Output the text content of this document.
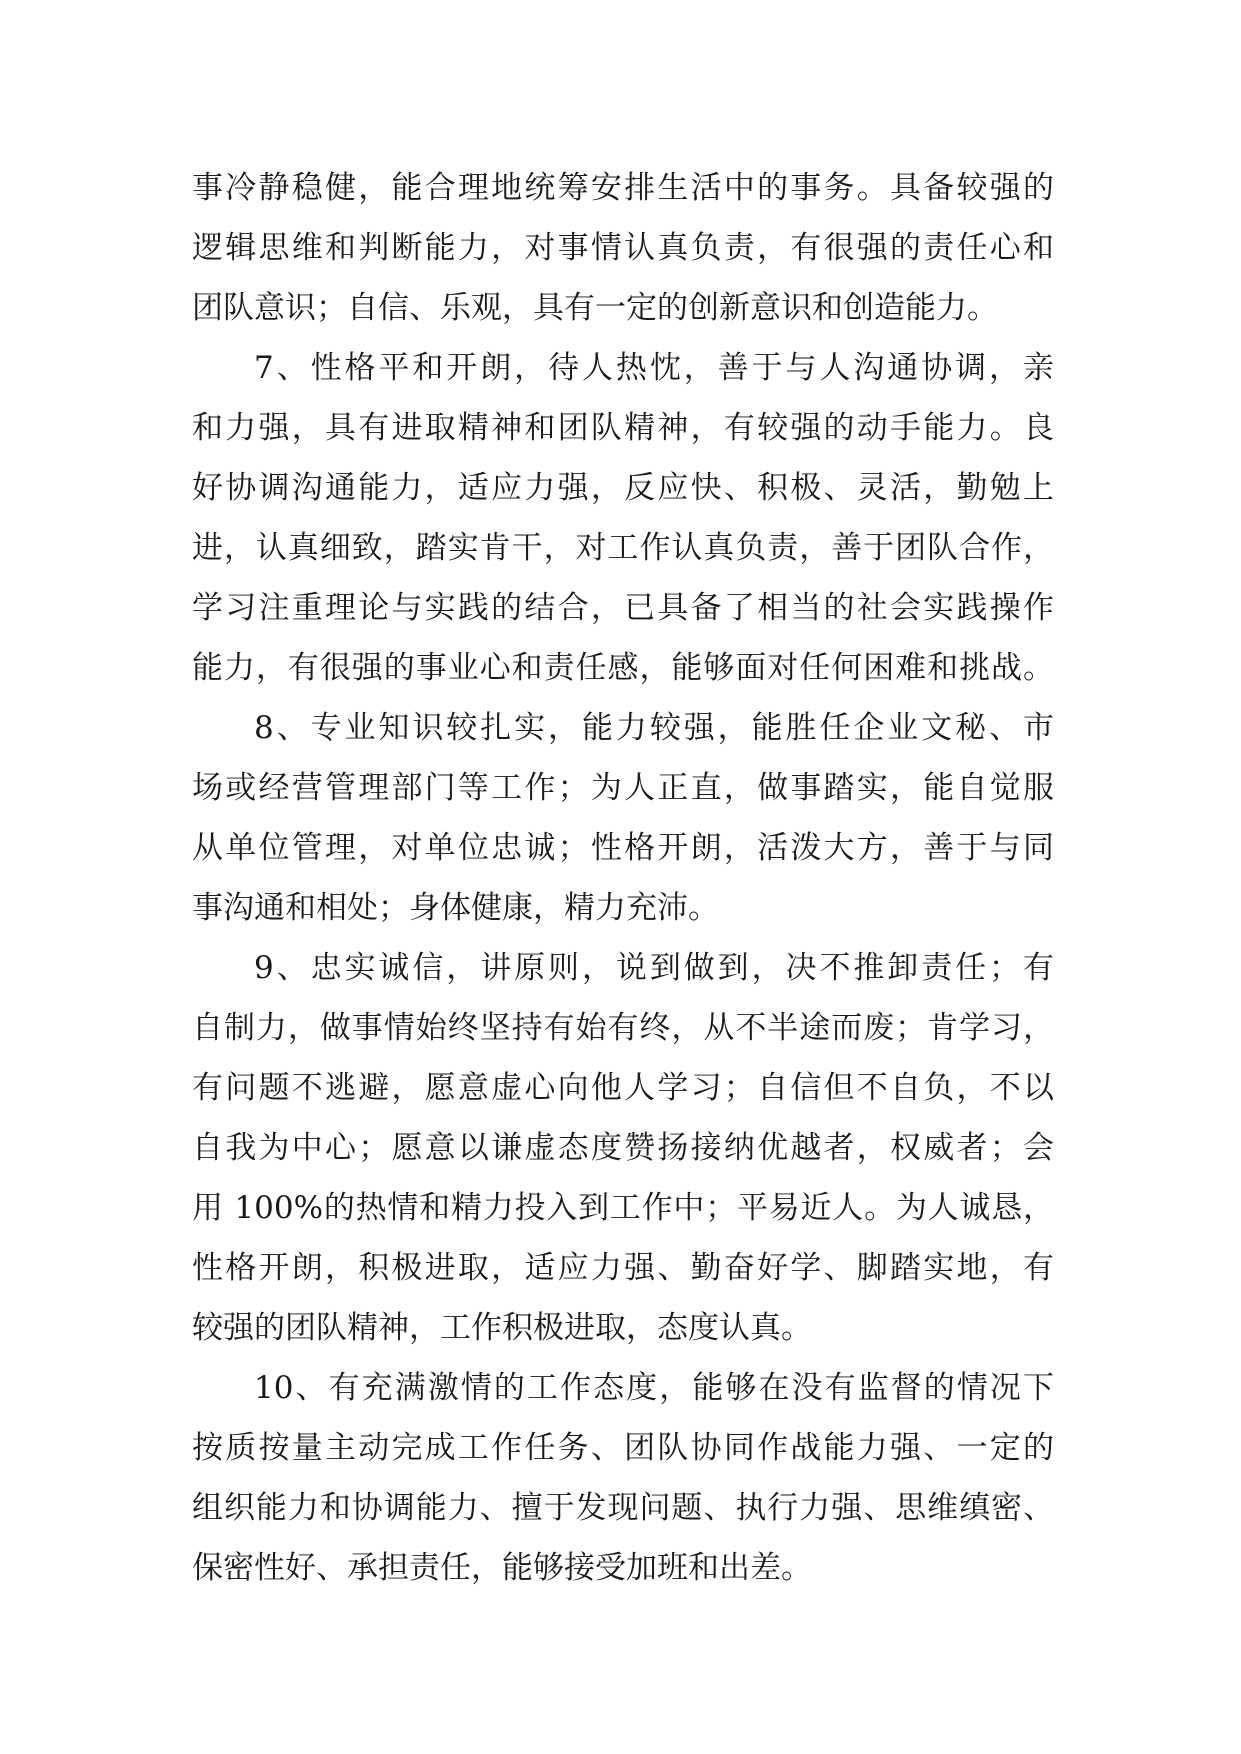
事冷静稳健，能合理地统筹安排生活中的事务。具备较强的
逻辑思维和判断能力，对事情认真负责，有很强的责任心和
团队意识；自信、乐观，具有一定的创新意识和创造能力。
7、性格平和开朗，待人热忱，善于与人沟通协调，亲
和力强，具有进取精神和团队精神，有较强的动手能力。良
好协调沟通能力，适应力强，反应快、积极、灵活，勤勉上
进，认真细致，踏实肯干，对工作认真负责，善于团队合作，
学习注重理论与实践的结合，已具备了相当的社会实践操作
能力，有很强的事业心和责任感，能够面对任何困难和挑战。
8、专业知识较扎实，能力较强，能胜任企业文秘、市
场或经营管理部门等工作；为人正直，做事踏实，能自觉服
从单位管理，对单位忠诚；性格开朗，活泼大方，善于与同
事沟通和相处；身体健康，精力充沛。
9、忠实诚信，讲原则，说到做到，决不推卸责任；有
自制力，做事情始终坚持有始有终，从不半途而废；肯学习，
有问题不逃避，愿意虚心向他人学习；自信但不自负，不以
自我为中心；愿意以谦虚态度赞扬接纳优越者，权威者；会
用 100%的热情和精力投入到工作中；平易近人。为人诚恳，
性格开朗，积极进取，适应力强、勤奋好学、脚踏实地，有
较强的团队精神，工作积极进取，态度认真。
10、有充满激情的工作态度，能够在没有监督的情况下
按质按量主动完成工作任务、团队协同作战能力强、一定的
组织能力和协调能力、擅于发现问题、执行力强、思维缜密、
保密性好、承担责任，能够接受加班和出差。
